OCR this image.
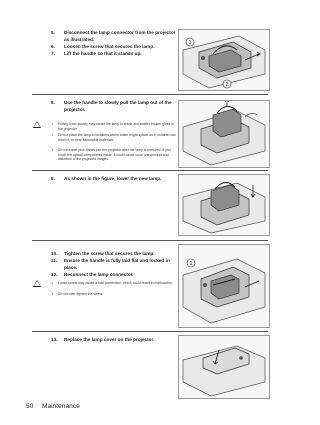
5.	Disconnect the lamp connector from the projector as illustrated.
6.	Loosen the screw that secures the lamp.
7.	Lift the handle so that it stands up.
1
2
8.	Use the handle to slowly pull the lamp out of the projector.
!	• Pulling it too quickly may cause the lamp to break and scatter broken glass in the projector.
• Do not place the lamp in locations where water might splash on it, children can reach it, or near flammable materials.
• Do not insert your hands into the projector after the lamp is removed. If you touch the optical components inside, it could cause color unevenness and distortion of the projected images.
9.	As shown in the figure, lower the new lamp.
10.	Tighten the screw that secures the lamp.
11.	Ensure the handle is fully laid flat and locked in place.
12.	Reconnect the lamp connector.
!	• Loose screw may cause a bad connection, which could result in malfunction.
• Do not over tighten the screw.
1
13.	Replace the lamp cover on the projector.
50	Maintenance
